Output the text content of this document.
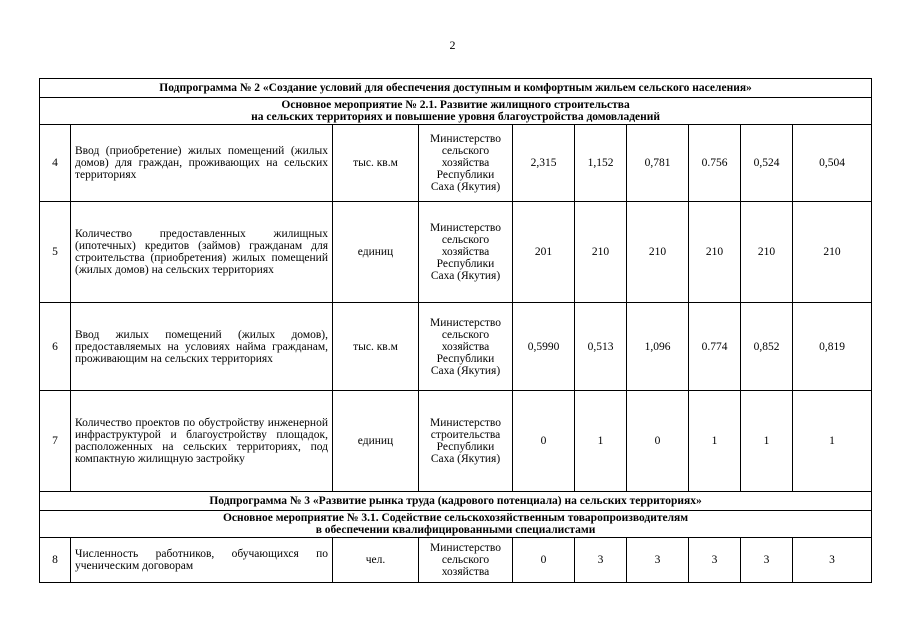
2
Подпрограмма № 2 «Создание условий для обеспечения доступным и комфортным жильем сельского населения»									

Основное мероприятие № 2.1. Развитие жилищного строительства
на сельских территориях и повышение уровня благоустройства домовладений									

4	Ввод (приобретение) жилых помещений (жилых домов) для граждан, проживающих на сельских территориях	тыс. кв.м	Министерство
сельского
хозяйства
Республики
Саха (Якутия)	2,315	1,152	0,781	0.756	0,524	0,504
5	Количество предоставленных жилищных (ипотечных) кредитов (займов) гражданам для строительства (приобретения) жилых помещений (жилых домов) на сельских территориях	единиц	Министерство
сельского
хозяйства
Республики
Саха (Якутия)	201	210	210	210	210	210
6	Ввод жилых помещений (жилых домов), предоставляемых на условиях найма гражданам, проживающим на сельских территориях	тыс. кв.м	Министерство
сельского
хозяйства
Республики
Саха (Якутия)	0,5990	0,513	1,096	0.774	0,852	0,819
7	Количество проектов по обустройству инженерной инфраструктурой и благоустройству площадок, расположенных на сельских территориях, под компактную жилищную застройку	единиц	Министерство
строительства
Республики
Саха (Якутия)	0	1	0	1	1	1
Подпрограмма № 3 «Развитие рынка труда (кадрового потенциала) на сельских территориях»									

Основное мероприятие № 3.1. Содействие сельскохозяйственным товаропроизводителям
в обеспечении квалифицированными специалистами									

8	Численность работников, обучающихся по ученическим договорам	чел.	Министерство
сельского
хозяйства	0	3	3	3	3	3
